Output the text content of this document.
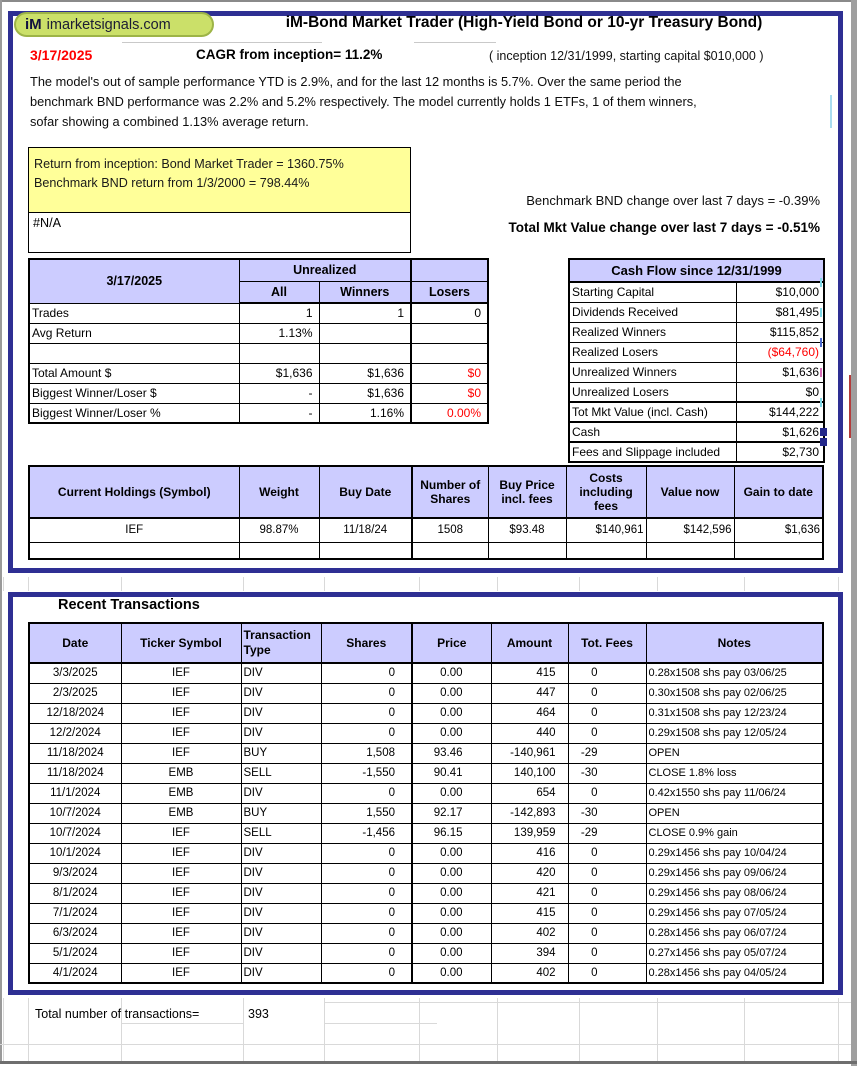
iM imarketsignals.com	iM-Bond Market Trader (High-Yield Bond or 10-yr Treasury Bond)
3/17/2025	CAGR from inception= 11.2%	( inception 12/31/1999, starting capital $010,000 )
The model's out of sample performance YTD is 2.9%, and for the last 12 months is 5.7%. Over the same period the
benchmark BND performance was 2.2% and 5.2% respectively. The model currently holds 1 ETFs, 1 of them winners,
sofar showing a combined 1.13% average return.
Return from inception: Bond Market Trader = 1360.75%
Benchmark BND return from 1/3/2000 = 798.44%
#N/A
Benchmark BND change over last 7 days = -0.39%
Total Mkt Value change over last 7 days = -0.51%
3/17/2025	Unrealized		
	All	Winners	Losers
Trades	1	1	0
Avg Return	1.13%		

Total Amount $	$1,636	$1,636	$0
Biggest Winner/Loser $	-	$1,636	$0
Biggest Winner/Loser %	-	1.16%	0.00%
Cash Flow since 12/31/1999	
Starting Capital	$10,000
Dividends Received	$81,495
Realized Winners	$115,852
Realized Losers	($64,760)
Unrealized Winners	$1,636
Unrealized Losers	$0
Tot Mkt Value (incl. Cash)	$144,222
Cash	$1,626
Fees and Slippage included	$2,730
Current Holdings (Symbol)	Weight	Buy Date	Number of Shares	Buy Price incl. fees	Costs including fees	Value now	Gain to date
IEF	98.87%	11/18/24	1508	$93.48	$140,961	$142,596	$1,636

Recent Transactions
Date	Ticker Symbol	Transaction Type	Shares	Price	Amount	Tot. Fees	Notes
3/3/2025	IEF	DIV	0	0.00	415	0	0.28x1508 shs pay 03/06/25
2/3/2025	IEF	DIV	0	0.00	447	0	0.30x1508 shs pay 02/06/25
12/18/2024	IEF	DIV	0	0.00	464	0	0.31x1508 shs pay 12/23/24
12/2/2024	IEF	DIV	0	0.00	440	0	0.29x1508 shs pay 12/05/24
11/18/2024	IEF	BUY	1,508	93.46	-140,961	-29	OPEN
11/18/2024	EMB	SELL	-1,550	90.41	140,100	-30	CLOSE 1.8% loss
11/1/2024	EMB	DIV	0	0.00	654	0	0.42x1550 shs pay 11/06/24
10/7/2024	EMB	BUY	1,550	92.17	-142,893	-30	OPEN
10/7/2024	IEF	SELL	-1,456	96.15	139,959	-29	CLOSE 0.9% gain
10/1/2024	IEF	DIV	0	0.00	416	0	0.29x1456 shs pay 10/04/24
9/3/2024	IEF	DIV	0	0.00	420	0	0.29x1456 shs pay 09/06/24
8/1/2024	IEF	DIV	0	0.00	421	0	0.29x1456 shs pay 08/06/24
7/1/2024	IEF	DIV	0	0.00	415	0	0.29x1456 shs pay 07/05/24
6/3/2024	IEF	DIV	0	0.00	402	0	0.28x1456 shs pay 06/07/24
5/1/2024	IEF	DIV	0	0.00	394	0	0.27x1456 shs pay 05/07/24
4/1/2024	IEF	DIV	0	0.00	402	0	0.28x1456 shs pay 04/05/24
Total number of transactions=	393
